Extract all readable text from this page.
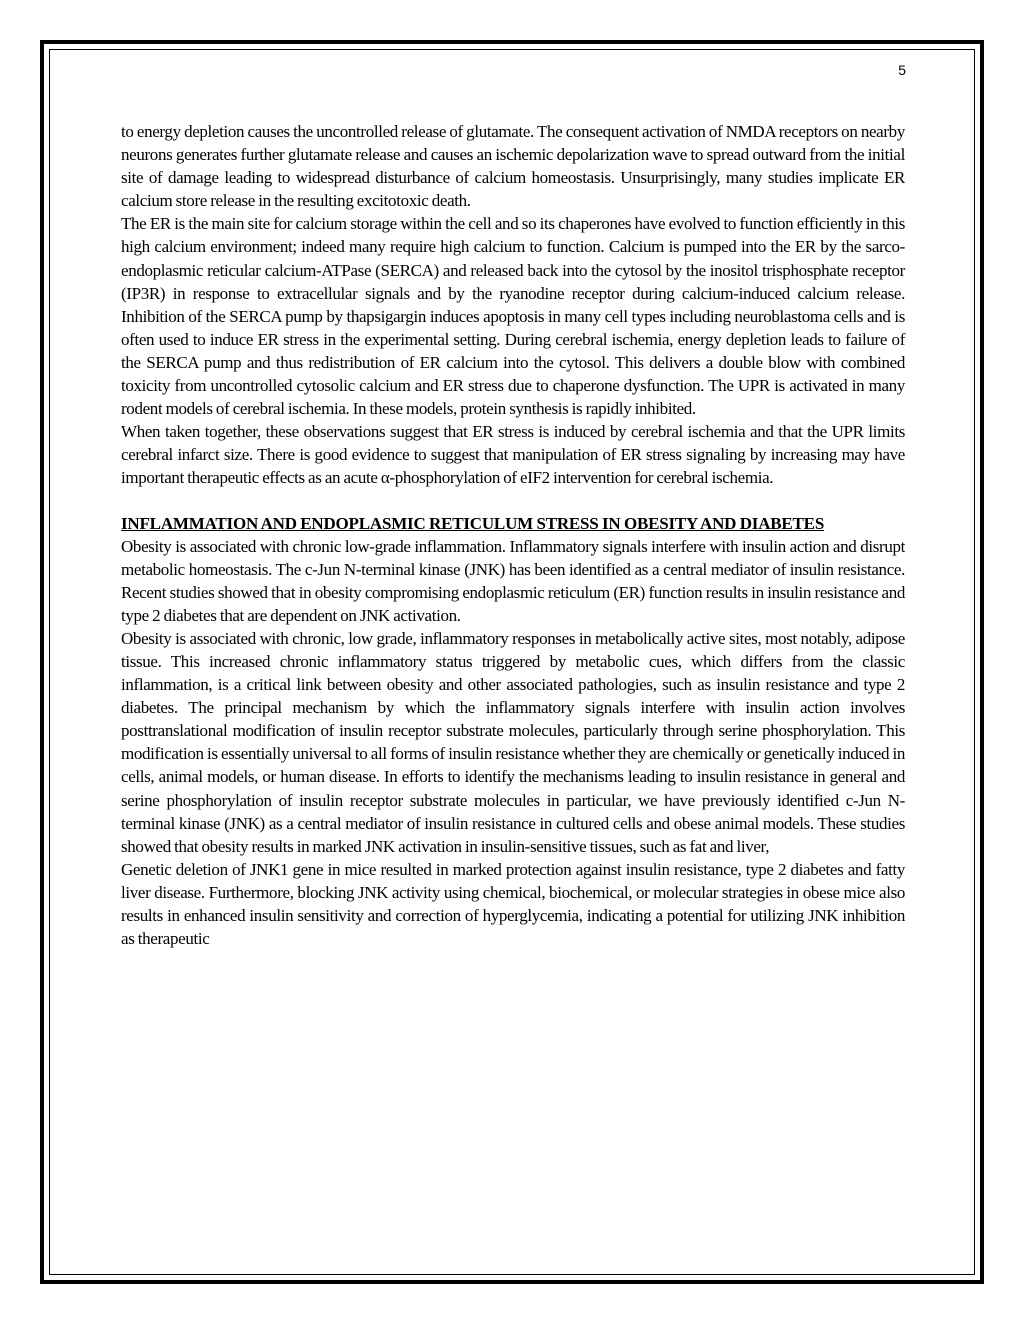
5

to energy depletion causes the uncontrolled release of glutamate. The consequent activation of NMDA receptors on nearby neurons generates further glutamate release and causes an ischemic depolarization wave to spread outward from the initial site of damage leading to widespread disturbance of calcium homeostasis. Unsurprisingly, many studies implicate ER calcium store release in the resulting excitotoxic death.

The ER is the main site for calcium storage within the cell and so its chaperones have evolved to function efficiently in this high calcium environment; indeed many require high calcium to function. Calcium is pumped into the ER by the sarco-endoplasmic reticular calcium-ATPase (SERCA) and released back into the cytosol by the inositol trisphosphate receptor (IP3R) in response to extracellular signals and by the ryanodine receptor during calcium-induced calcium release. Inhibition of the SERCA pump by thapsigargin induces apoptosis in many cell types including neuroblastoma cells and is often used to induce ER stress in the experimental setting. During cerebral ischemia, energy depletion leads to failure of the SERCA pump and thus redistribution of ER calcium into the cytosol. This delivers a double blow with combined toxicity from uncontrolled cytosolic calcium and ER stress due to chaperone dysfunction. The UPR is activated in many rodent models of cerebral ischemia. In these models, protein synthesis is rapidly inhibited.

When taken together, these observations suggest that ER stress is induced by cerebral ischemia and that the UPR limits cerebral infarct size. There is good evidence to suggest that manipulation of ER stress signaling by increasing may have important therapeutic effects as an acute α-phosphorylation of eIF2 intervention for cerebral ischemia.

INFLAMMATION AND ENDOPLASMIC RETICULUM STRESS IN OBESITY AND DIABETES

Obesity is associated with chronic low-grade inflammation. Inflammatory signals interfere with insulin action and disrupt metabolic homeostasis. The c-Jun N-terminal kinase (JNK) has been identified as a central mediator of insulin resistance. Recent studies showed that in obesity compromising endoplasmic reticulum (ER) function results in insulin resistance and type 2 diabetes that are dependent on JNK activation.

Obesity is associated with chronic, low grade, inflammatory responses in metabolically active sites, most notably, adipose tissue. This increased chronic inflammatory status triggered by metabolic cues, which differs from the classic inflammation, is a critical link between obesity and other associated pathologies, such as insulin resistance and type 2 diabetes. The principal mechanism by which the inflammatory signals interfere with insulin action involves posttranslational modification of insulin receptor substrate molecules, particularly through serine phosphorylation. This modification is essentially universal to all forms of insulin resistance whether they are chemically or genetically induced in cells, animal models, or human disease. In efforts to identify the mechanisms leading to insulin resistance in general and serine phosphorylation of insulin receptor substrate molecules in particular, we have previously identified c-Jun N-terminal kinase (JNK) as a central mediator of insulin resistance in cultured cells and obese animal models. These studies showed that obesity results in marked JNK activation in insulin-sensitive tissues, such as fat and liver,

Genetic deletion of JNK1 gene in mice resulted in marked protection against insulin resistance, type 2 diabetes and fatty liver disease. Furthermore, blocking JNK activity using chemical, biochemical, or molecular strategies in obese mice also results in enhanced insulin sensitivity and correction of hyperglycemia, indicating a potential for utilizing JNK inhibition as therapeutic
